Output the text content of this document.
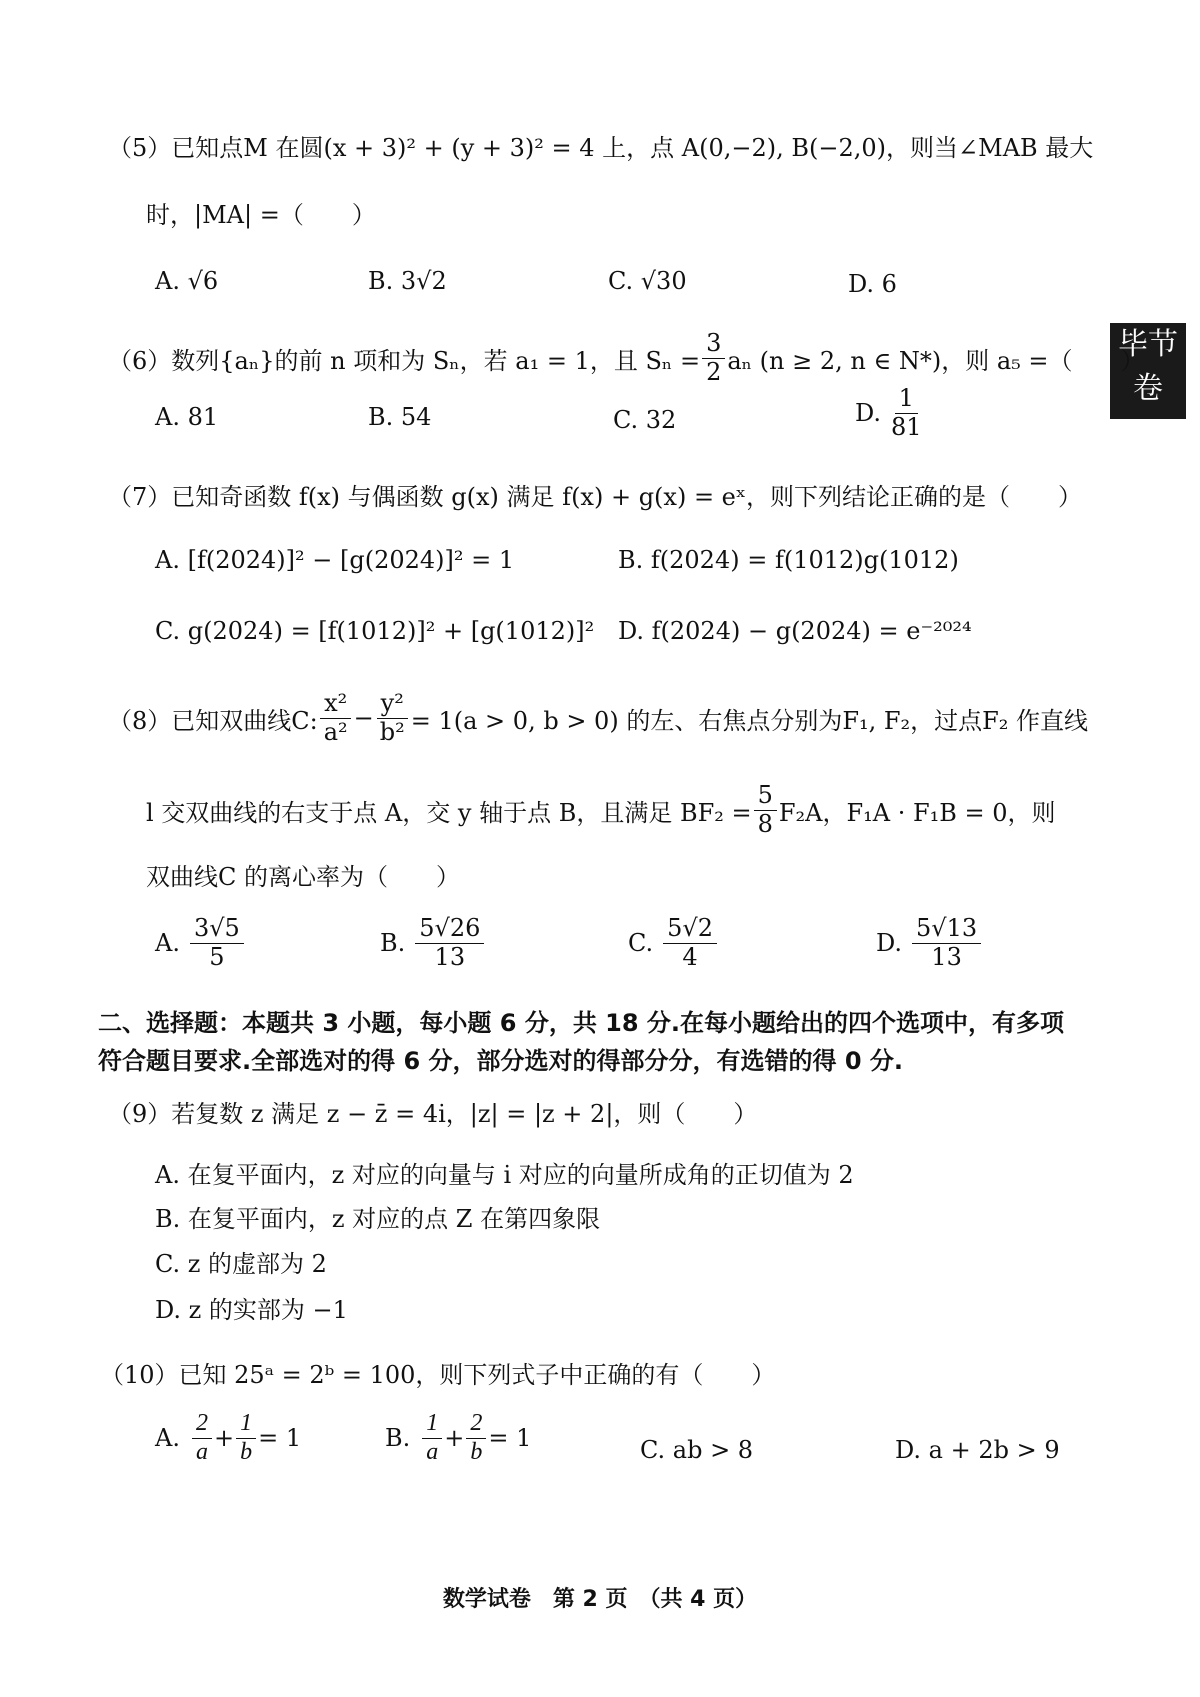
毕节
卷
（5）已知点M 在圆(x + 3)² + (y + 3)² = 4 上，点 A(0,−2), B(−2,0)，则当∠MAB 最大
时，|MA| =（　　）
A. √6	B. 3√2	C. √30	D. 6
（6）数列{aₙ}的前 n 项和为 Sₙ，若 a₁ = 1，且 $S_n = \frac{3}{2}$ aₙ (n ≥ 2, n ∈ N*)，则 a₅ =（　　）
A. 81	B. 54	C. 32	D. $\frac{1}{81}$
（7）已知奇函数 f(x) 与偶函数 g(x) 满足 f(x) + g(x) = eˣ，则下列结论正确的是（　　）
A. [f(2024)]² − [g(2024)]² = 1	B. f(2024) = f(1012)g(1012)
C. g(2024) = [f(1012)]² + [g(1012)]² D. f(2024) − g(2024) = e⁻²⁰²⁴
（8）已知双曲线C: $\frac{\text{x²}}{\text{a²}} - \frac{\text{y²}}{\text{b²}} = 1(a > 0$, b > 0) 的左、右焦点分别为F₁, F₂，过点F₂ 作直线
l 交双曲线的右支于点 A，交 y 轴于点 B，且满足 $BF_2 = \frac{5}{8} F_2A$，F₁A · F₁B = 0，则
双曲线C 的离心率为（　　）
A. $\frac{3√5}{5}$	B. $\frac{5√26}{13}$	C. $\frac{5√2}{4}$	D. $\frac{5√13}{13}$
二、选择题：本题共 3 小题，每小题 6 分，共 18 分.在每小题给出的四个选项中，有多项
符合题目要求.全部选对的得 6 分，部分选对的得部分分，有选错的得 0 分.
（9）若复数 z 满足 z − z̄ = 4i，|z| = |z + 2|，则（　　）
A. 在复平面内，z 对应的向量与 i 对应的向量所成角的正切值为 2
B. 在复平面内，z 对应的点 Z 在第四象限
C. z 的虚部为 2
D. z 的实部为 −1
（10）已知 25ᵃ = 2ᵇ = 100，则下列式子中正确的有（　　）
A. $\frac{2}{a} + \frac{1}{b} = 1$	B. $\frac{1}{a} + \frac{2}{b} = 1$	C. ab > 8	D. a + 2b > 9
数学试卷　第 2 页　（共 4 页）
